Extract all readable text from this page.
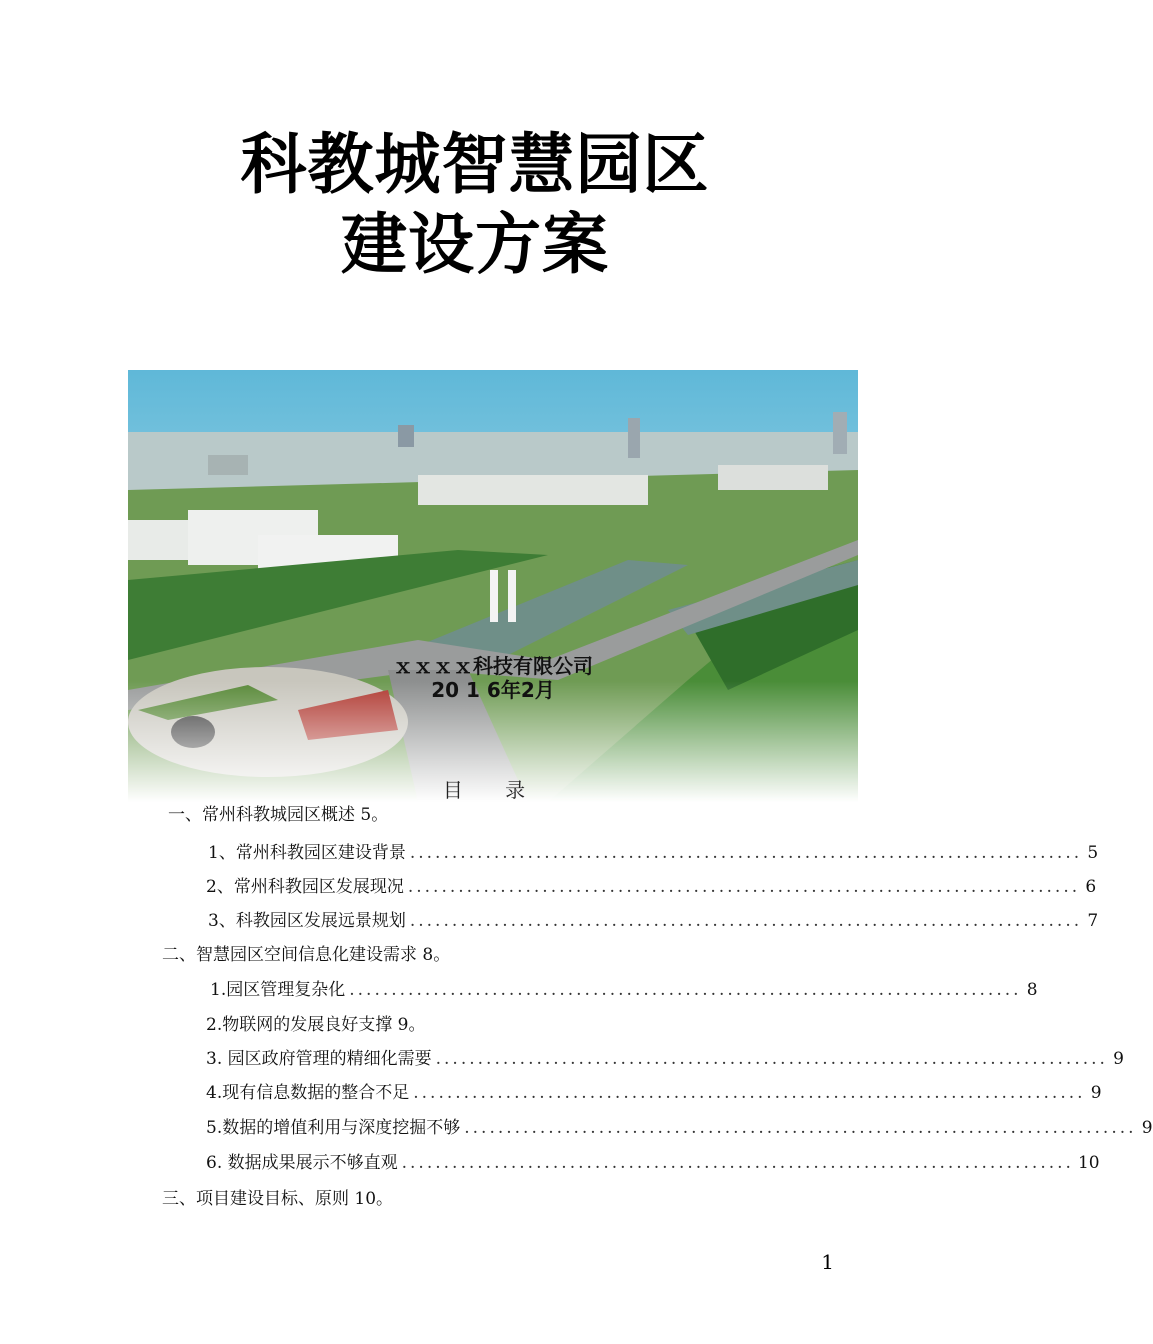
科教城智慧园区
建设方案
ｘｘｘｘ科技有限公司
20 1 6年2月
目 录
一、常州科教城园区概述 5。
1、常州科教园区建设背景 ................................................................................ 5
2、常州科教园区发展现况 ................................................................................ 6
3、科教园区发展远景规划 ................................................................................ 7
二、智慧园区空间信息化建设需求 8。
1.园区管理复杂化 ................................................................................ 8
2.物联网的发展良好支撑 9。
3. 园区政府管理的精细化需要 ................................................................................ 9
4.现有信息数据的整合不足 ................................................................................ 9
5.数据的增值利用与深度挖掘不够 ................................................................................ 9
6. 数据成果展示不够直观 ................................................................................ 10
三、项目建设目标、原则 10。
1
